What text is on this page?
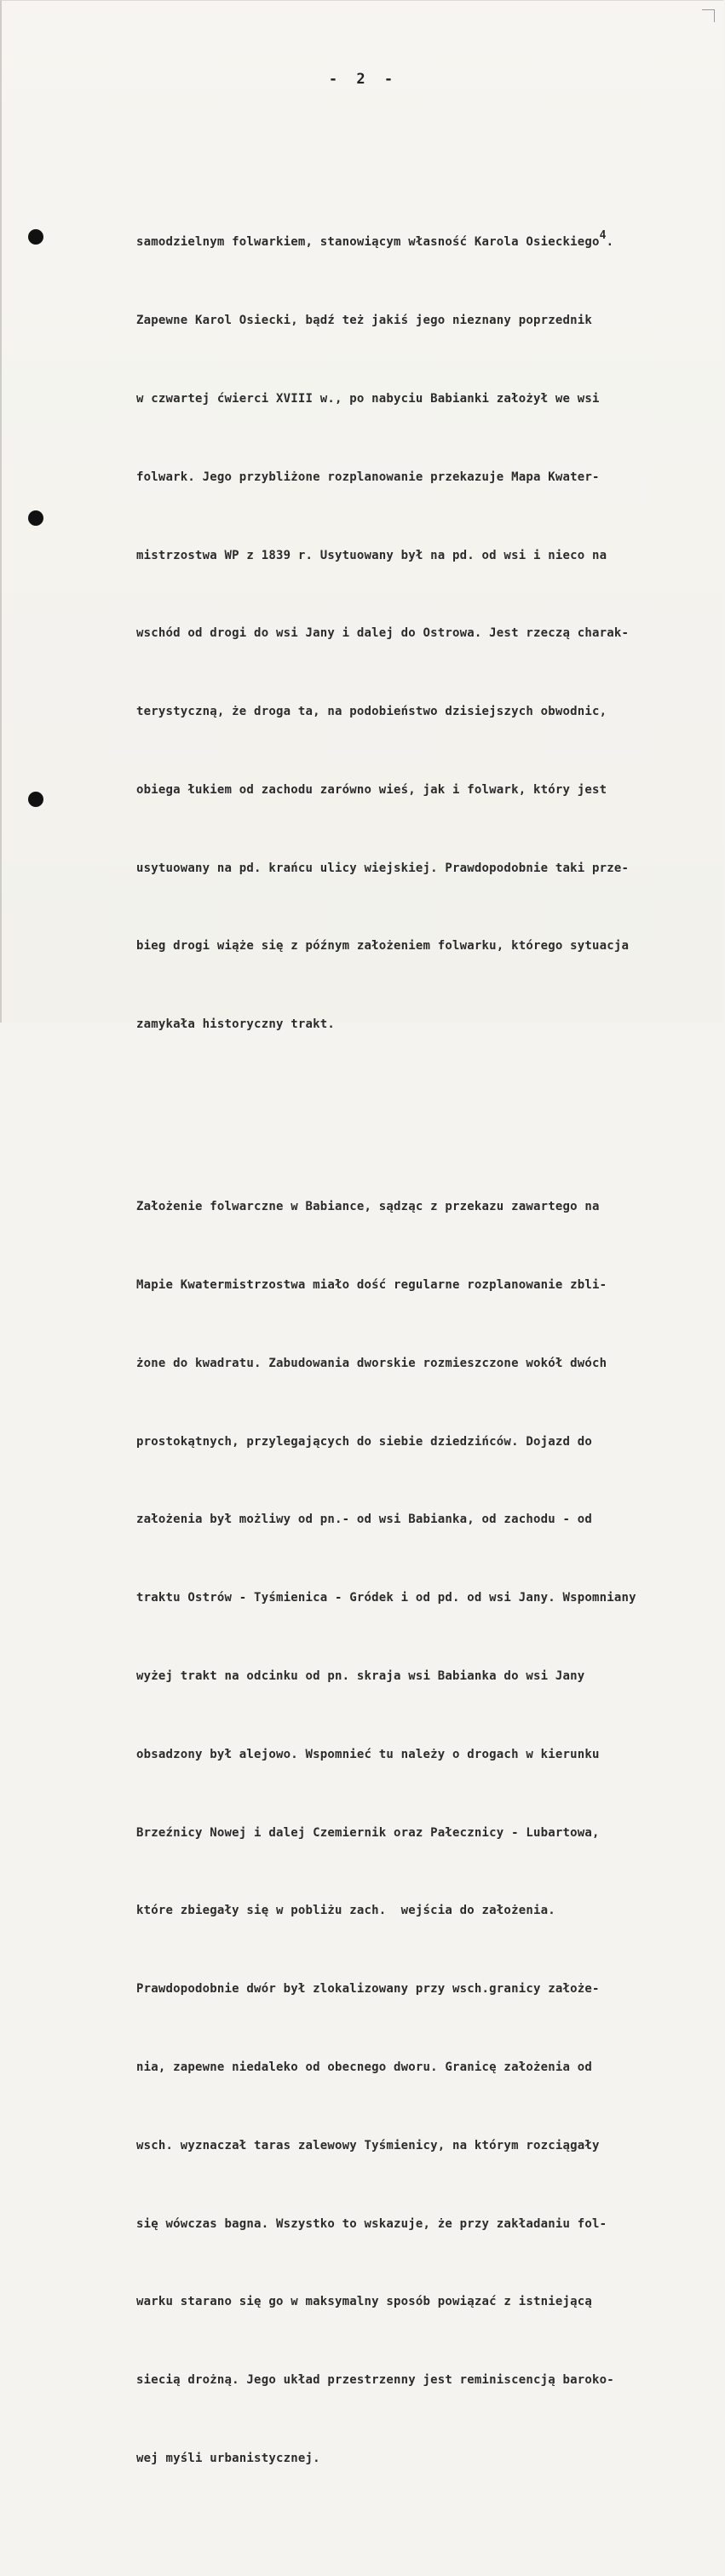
- 2 -

samodzielnym folwarkiem, stanowiącym własność Karola Osieckiego$^4$.

Zapewne Karol Osiecki, bądź też jakiś jego nieznany poprzednik

w czwartej ćwierci XVIII w., po nabyciu Babianki założył we wsi

folwark. Jego przybliżone rozplanowanie przekazuje Mapa Kwater-

mistrzostwa WP z 1839 r. Usytuowany był na pd. od wsi i nieco na

wschód od drogi do wsi Jany i dalej do Ostrowa. Jest rzeczą charak-

terystyczną, że droga ta, na podobieństwo dzisiejszych obwodnic,

obiega łukiem od zachodu zarówno wieś, jak i folwark, który jest

usytuowany na pd. krańcu ulicy wiejskiej. Prawdopodobnie taki prze-

bieg drogi wiąże się z późnym założeniem folwarku, którego sytuacja

zamykała historyczny trakt.

Założenie folwarczne w Babiance, sądząc z przekazu zawartego na

Mapie Kwatermistrzostwa miało dość regularne rozplanowanie zbli-

żone do kwadratu. Zabudowania dworskie rozmieszczone wokół dwóch

prostokątnych, przylegających do siebie dziedzińców. Dojazd do

założenia był możliwy od pn.- od wsi Babianka, od zachodu - od

traktu Ostrów - Tyśmienica - Gródek i od pd. od wsi Jany. Wspomniany

wyżej trakt na odcinku od pn. skraja wsi Babianka do wsi Jany

obsadzony był alejowo. Wspomnieć tu należy o drogach w kierunku

Brzeźnicy Nowej i dalej Czemiernik oraz Pałecznicy - Lubartowa,

które zbiegały się w pobliżu zach.  wejścia do założenia.

Prawdopodobnie dwór był zlokalizowany przy wsch.granicy założe-

nia, zapewne niedaleko od obecnego dworu. Granicę założenia od

wsch. wyznaczał taras zalewowy Tyśmienicy, na którym rozciągały

się wówczas bagna. Wszystko to wskazuje, że przy zakładaniu fol-

warku starano się go w maksymalny sposób powiązać z istniejącą

siecią drożną. Jego układ przestrzenny jest reminiscencją baroko-

wej myśli urbanistycznej.
